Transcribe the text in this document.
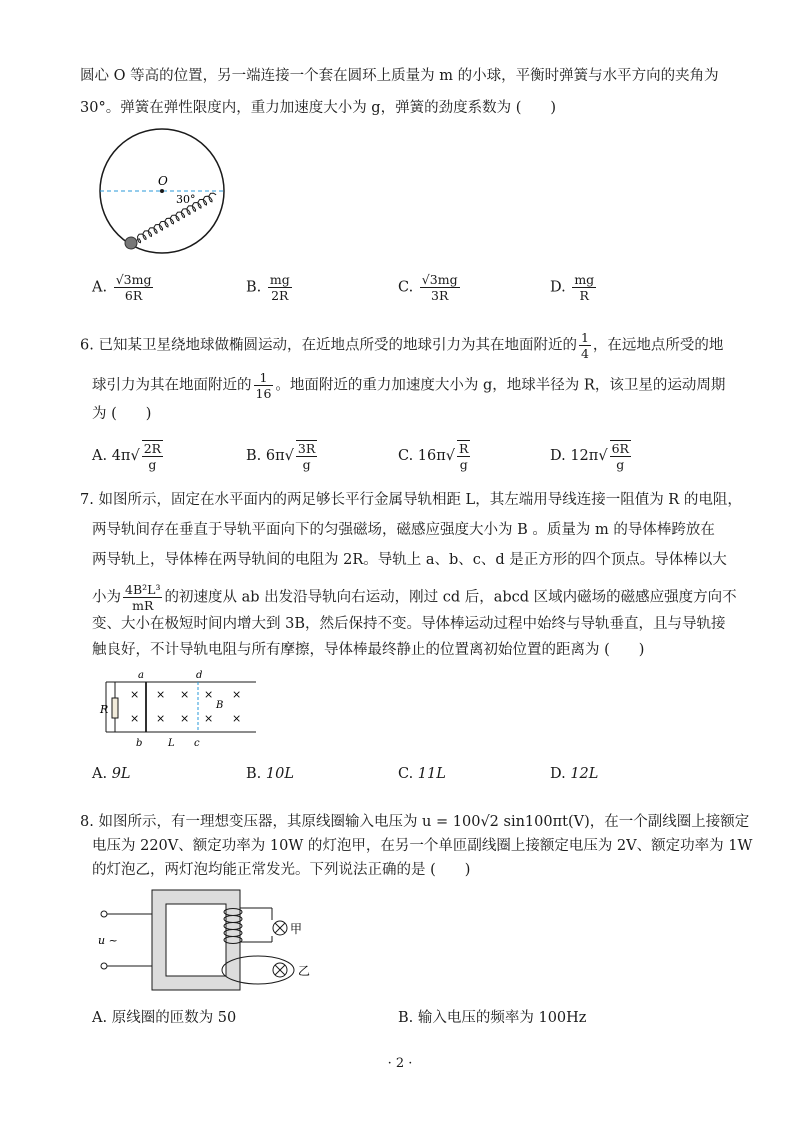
圆心 O 等高的位置，另一端连接一个套在圆环上质量为 m 的小球，平衡时弹簧与水平方向的夹角为
30°。弹簧在弹性限度内，重力加速度大小为 g，弹簧的劲度系数为 (　　)
O
30°
A. $\frac{√3mg}{6R}$	B. $\frac{mg}{2R}$	C. $\frac{√3mg}{3R}$	D. $\frac{mg}{R}$
6. 已知某卫星绕地球做椭圆运动，在近地点所受的地球引力为其在地面附近的 $\frac{1}{4}$ ，在远地点所受的地
球引力为其在地面附近的 $\frac{1}{16}$ 。地面附近的重力加速度大小为 g，地球半径为 R，该卫星的运动周期
为 (　　)
A. $4\pi√ \frac{2R}{g}$	B. $6\pi√ \frac{3R}{g}$	C. $16\pi√ \frac{R}{g}$	D. $12\pi√ \frac{6R}{g}$
7. 如图所示，固定在水平面内的两足够长平行金属导轨相距 L，其左端用导线连接一阻值为 R 的电阻，
两导轨间存在垂直于导轨平面向下的匀强磁场，磁感应强度大小为 B 。质量为 m 的导体棒跨放在
两导轨上，导体棒在两导轨间的电阻为 2R。导轨上 a、b、c、d 是正方形的四个顶点。导体棒以大
小为 $\frac{\text{4B²L³}}{mR}$ 的初速度从 ab 出发沿导轨向右运动，刚过 cd 后，abcd 区域内磁场的磁感应强度方向不
变、大小在极短时间内增大到 3B，然后保持不变。导体棒运动过程中始终与导轨垂直，且与导轨接
触良好，不计导轨电阻与所有摩擦，导体棒最终静止的位置离初始位置的距离为 (　　)
R
a	d
b	L c
B
× × × × ×
× × × × ×
A. 9L	B. 10L	C. 11L	D. 12L
8. 如图所示，有一理想变压器，其原线圈输入电压为 u = 100√2 sin100πt(V)，在一个副线圈上接额定
电压为 220V、额定功率为 10W 的灯泡甲，在另一个单匝副线圈上接额定电压为 2V、额定功率为 1W
的灯泡乙，两灯泡均能正常发光。下列说法正确的是 (　　)
u ~
甲
乙
A. 原线圈的匝数为 50	B. 输入电压的频率为 100Hz
· 2 ·
